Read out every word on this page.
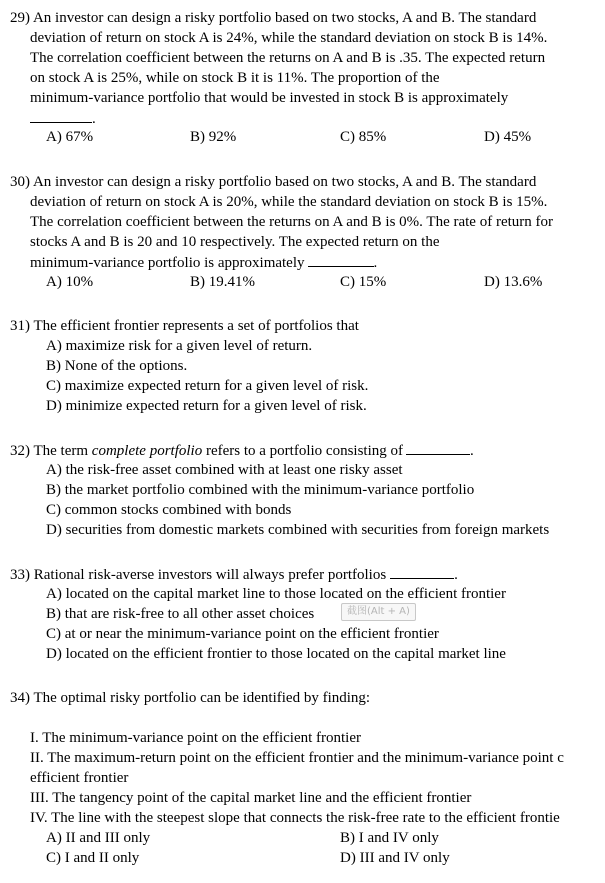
29) An investor can design a risky portfolio based on two stocks, A and B. The standard
deviation of return on stock A is 24%, while the standard deviation on stock B is 14%.
The correlation coefficient between the returns on A and B is .35. The expected return
on stock A is 25%, while on stock B it is 11%. The proportion of the
minimum-variance portfolio that would be invested in stock B is approximately
.
A) 67%	B) 92%	C) 85%	D) 45%
30) An investor can design a risky portfolio based on two stocks, A and B. The standard
deviation of return on stock A is 20%, while the standard deviation on stock B is 15%.
The correlation coefficient between the returns on A and B is 0%. The rate of return for
stocks A and B is 20 and 10 respectively. The expected return on the
minimum-variance portfolio is approximately	.
A) 10%	B) 19.41%	C) 15%	D) 13.6%
31) The efficient frontier represents a set of portfolios that
A) maximize risk for a given level of return.
B) None of the options.
C) maximize expected return for a given level of risk.
D) minimize expected return for a given level of risk.
32) The term complete portfolio refers to a portfolio consisting of	.
A) the risk-free asset combined with at least one risky asset
B) the market portfolio combined with the minimum-variance portfolio
C) common stocks combined with bonds
D) securities from domestic markets combined with securities from foreign markets
33) Rational risk-averse investors will always prefer portfolios	.
A) located on the capital market line to those located on the efficient frontier
B) that are risk-free to all other asset choices
C) at or near the minimum-variance point on the efficient frontier
D) located on the efficient frontier to those located on the capital market line
截图(Alt + A)
34) The optimal risky portfolio can be identified by finding:
I. The minimum-variance point on the efficient frontier
II. The maximum-return point on the efficient frontier and the minimum-variance point c
efficient frontier
III. The tangency point of the capital market line and the efficient frontier
IV. The line with the steepest slope that connects the risk-free rate to the efficient frontie
A) II and III only	B) I and IV only
C) I and II only	D) III and IV only
